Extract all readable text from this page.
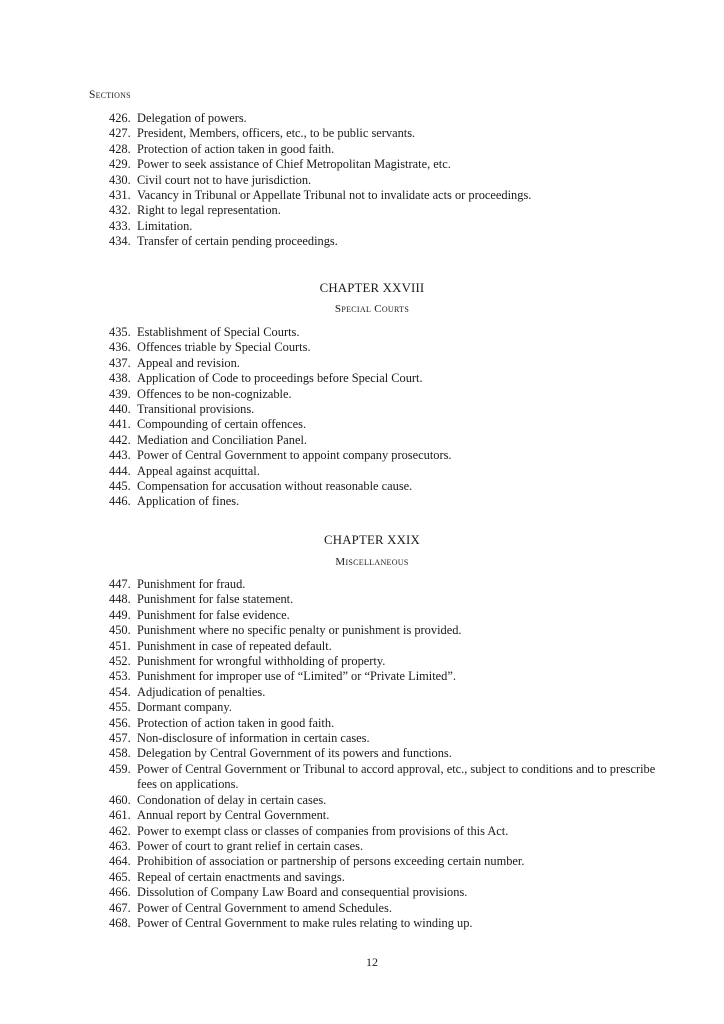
Sections
426. Delegation of powers.
427. President, Members, officers, etc., to be public servants.
428. Protection of action taken in good faith.
429. Power to seek assistance of Chief Metropolitan Magistrate, etc.
430. Civil court not to have jurisdiction.
431. Vacancy in Tribunal or Appellate Tribunal not to invalidate acts or proceedings.
432. Right to legal representation.
433. Limitation.
434. Transfer of certain pending proceedings.
CHAPTER XXVIII
Special Courts
435. Establishment of Special Courts.
436. Offences triable by Special Courts.
437. Appeal and revision.
438. Application of Code to proceedings before Special Court.
439. Offences to be non-cognizable.
440. Transitional provisions.
441. Compounding of certain offences.
442. Mediation and Conciliation Panel.
443. Power of Central Government to appoint company prosecutors.
444. Appeal against acquittal.
445. Compensation for accusation without reasonable cause.
446. Application of fines.
CHAPTER XXIX
Miscellaneous
447. Punishment for fraud.
448. Punishment for false statement.
449. Punishment for false evidence.
450. Punishment where no specific penalty or punishment is provided.
451. Punishment in case of repeated default.
452. Punishment for wrongful withholding of property.
453. Punishment for improper use of “Limited” or “Private Limited”.
454. Adjudication of penalties.
455. Dormant company.
456. Protection of action taken in good faith.
457. Non-disclosure of information in certain cases.
458. Delegation by Central Government of its powers and functions.
459. Power of Central Government or Tribunal to accord approval, etc., subject to conditions and to prescribe fees on applications.
460. Condonation of delay in certain cases.
461. Annual report by Central Government.
462. Power to exempt class or classes of companies from provisions of this Act.
463. Power of court to grant relief in certain cases.
464. Prohibition of association or partnership of persons exceeding certain number.
465. Repeal of certain enactments and savings.
466. Dissolution of Company Law Board and consequential provisions.
467. Power of Central Government to amend Schedules.
468. Power of Central Government to make rules relating to winding up.
12
